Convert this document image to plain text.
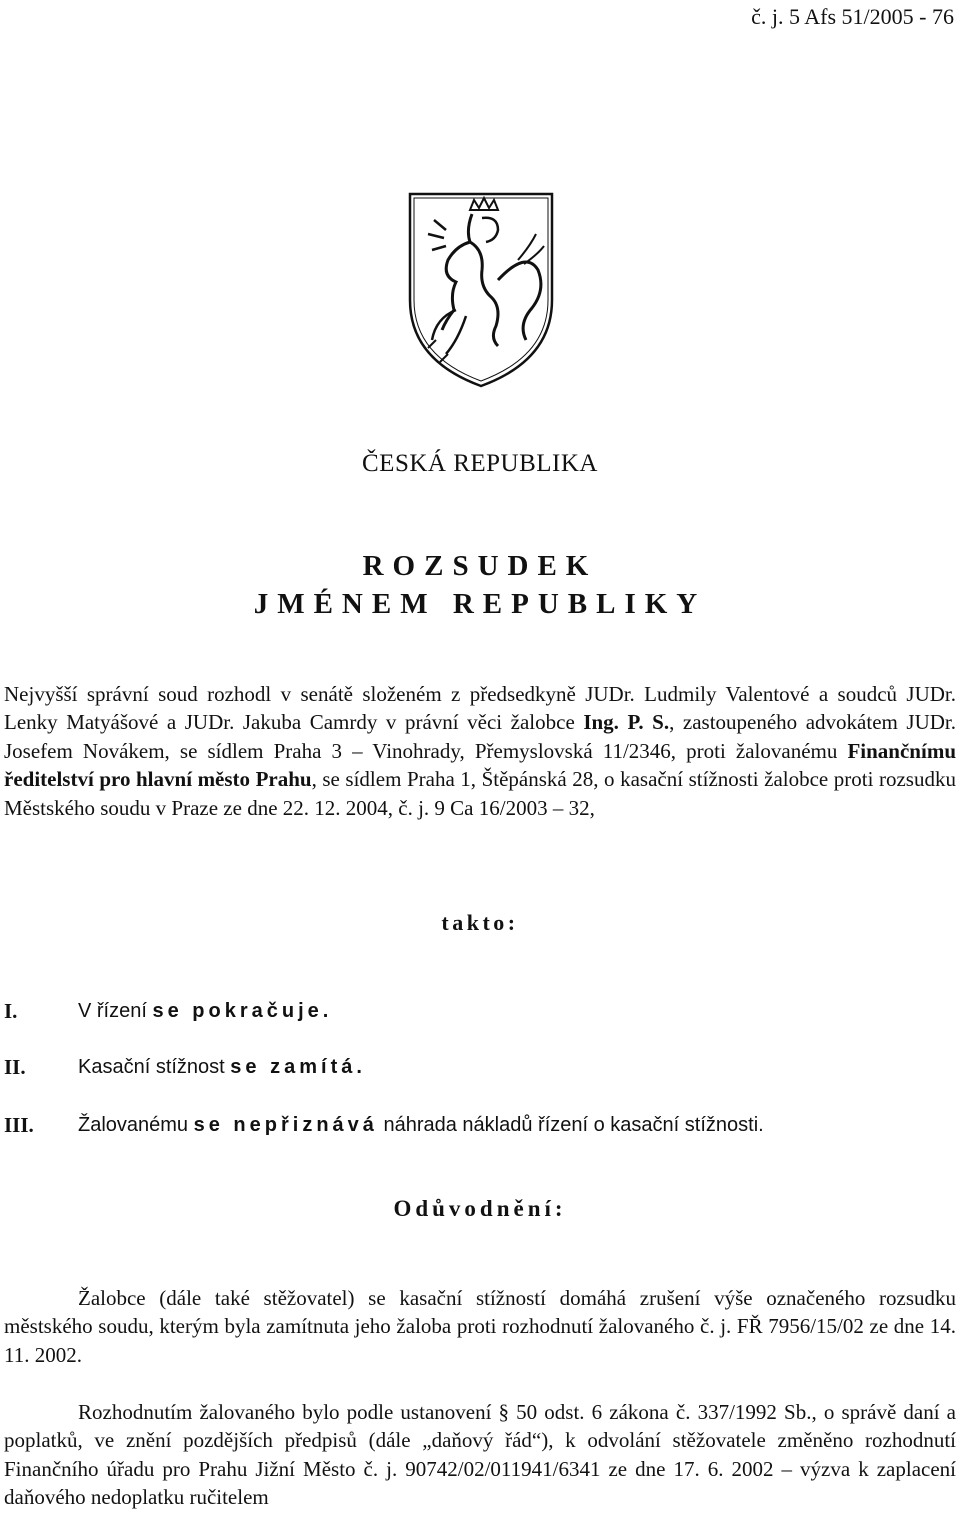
č. j. 5 Afs 51/2005 - 76
ČESKÁ REPUBLIKA
ROZSUDEK
JMÉNEM REPUBLIKY
Nejvyšší správní soud rozhodl v senátě složeném z předsedkyně JUDr. Ludmily Valentové a soudců JUDr. Lenky Matyášové a JUDr. Jakuba Camrdy v právní věci žalobce Ing. P. S., zastoupeného advokátem JUDr. Josefem Novákem, se sídlem Praha 3 – Vinohrady, Přemyslovská 11/2346, proti žalovanému Finančnímu ředitelství pro hlavní město Prahu, se sídlem Praha 1, Štěpánská 28, o kasační stížnosti žalobce proti rozsudku Městského soudu v Praze ze dne 22. 12. 2004, č. j. 9 Ca 16/2003 – 32,
takto:
I.	V řízení se pokračuje.
II.	Kasační stížnost se zamítá.
III.	Žalovanému se nepřiznává náhrada nákladů řízení o kasační stížnosti.
Odůvodnění:
Žalobce (dále také stěžovatel) se kasační stížností domáhá zrušení výše označeného rozsudku městského soudu, kterým byla zamítnuta jeho žaloba proti rozhodnutí žalovaného č. j. FŘ 7956/15/02 ze dne 14. 11. 2002.
Rozhodnutím žalovaného bylo podle ustanovení § 50 odst. 6 zákona č. 337/1992 Sb., o správě daní a poplatků, ve znění pozdějších předpisů (dále „daňový řád“), k odvolání stěžovatele změněno rozhodnutí Finančního úřadu pro Prahu Jižní Město č. j. 90742/02/011941/6341 ze dne 17. 6. 2002 – výzva k zaplacení daňového nedoplatku ručitelem
